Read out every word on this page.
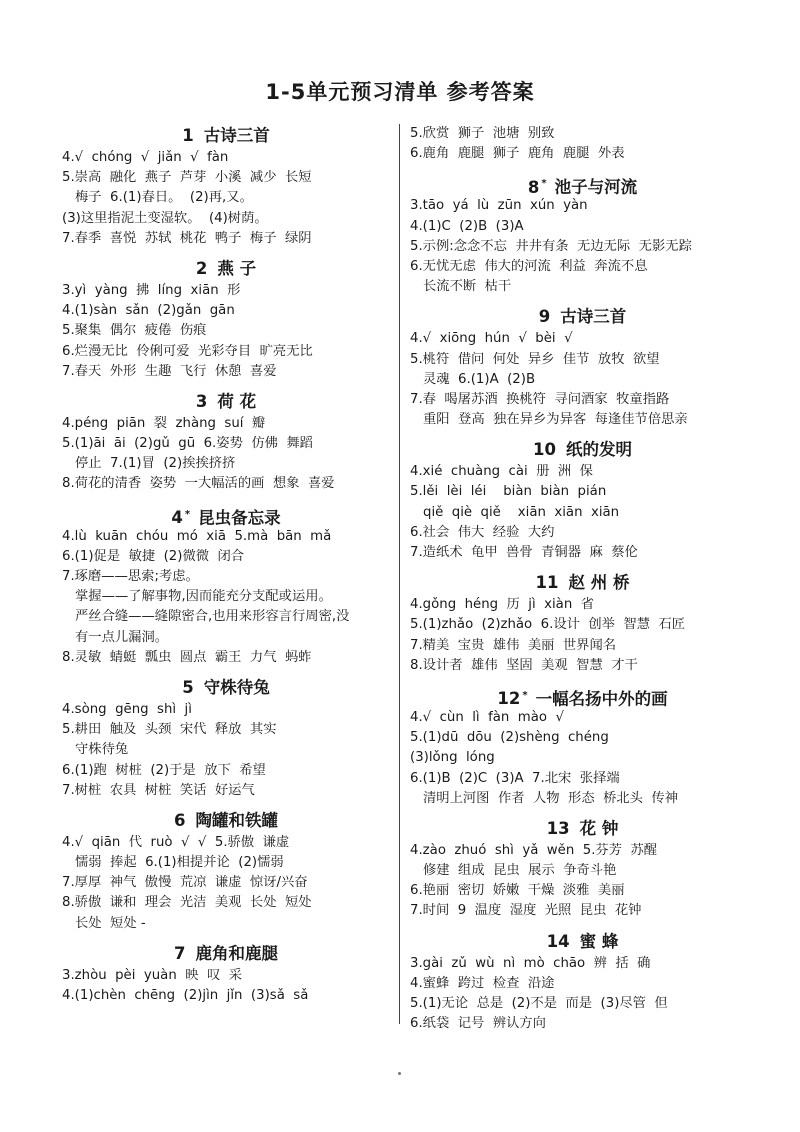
1-5单元预习清单 参考答案
1 古诗三首
4.√  chóng  √  jiǎn  √  fàn
5.崇高  融化  燕子  芦芽  小溪  减少  长短
梅子  6.(1)春日。  (2)再,又。
(3)这里指泥土变湿软。  (4)树荫。
7.春季  喜悦  苏轼  桃花  鸭子  梅子  绿阴
2 燕 子
3.yì  yàng  拂  líng  xiān  形
4.(1)sàn  sǎn  (2)gǎn  gān
5.聚集  偶尔  疲倦  伤痕
6.烂漫无比  伶俐可爱  光彩夺目  旷亮无比
7.春天  外形  生趣  飞行  休憩  喜爱
3 荷 花
4.péng  piān  裂  zhàng  suí  瓣
5.(1)āi  āi  (2)gǔ  gū  6.姿势  仿佛  舞蹈
停止  7.(1)冒  (2)挨挨挤挤
8.荷花的清香  姿势  一大幅活的画  想象  喜爱
4 * 昆虫备忘录
4.lù  kuān  chóu  mó  xiā  5.mà  bān  mǎ
6.(1)促是  敏捷  (2)微微  闭合
7.琢磨——思索;考虑。
掌握——了解事物,因而能充分支配或运用。
严丝合缝——缝隙密合,也用来形容言行周密,没
有一点儿漏洞。
8.灵敏  蜻蜓  瓢虫  圆点  霸王  力气  蚂蚱
5 守株待兔
4.sòng  gēng  shì  jì
5.耕田  触及  头颈  宋代  释放  其实
守株待兔
6.(1)跑  树桩  (2)于是  放下  希望
7.树桩  农具  树桩  笑话  好运气
6 陶罐和铁罐
4.√  qiān  代  ruò  √  √  5.骄傲  谦虚
懦弱  捧起  6.(1)相提并论  (2)懦弱
7.厚厚  神气  傲慢  荒凉  谦虚  惊讶/兴奋
8.骄傲  谦和  理会  光洁  美观  长处  短处
长处  短处 -
7 鹿角和鹿腿
3.zhòu  pèi  yuàn  映  叹  采
4.(1)chèn  chēng  (2)jìn  jǐn  (3)sǎ  sǎ
5.欣赏  狮子  池塘  别致
6.鹿角  鹿腿  狮子  鹿角  鹿腿  外表
8 * 池子与河流
3.tāo  yá  lù  zūn  xún  yàn
4.(1)C  (2)B  (3)A
5.示例:念念不忘  井井有条  无边无际  无影无踪
6.无忧无虑  伟大的河流  利益  奔流不息
长流不断  枯干
9 古诗三首
4.√  xiōng  hún  √  bèi  √
5.桃符  借问  何处  异乡  佳节  放牧  欲望
灵魂  6.(1)A  (2)B
7.春  喝屠苏酒  换桃符  寻问酒家  牧童指路
重阳  登高  独在异乡为异客  每逢佳节倍思亲
10 纸的发明
4.xié  chuàng  cài  册  洲  保
5.lěi  lèi  léi    biàn  biàn  pián
qiě  qiè  qiě    xiān  xiān  xiān
6.社会  伟大  经验  大约
7.造纸术  龟甲  兽骨  青铜器  麻  蔡伦
11 赵 州 桥
4.gǒng  héng  历  jì  xiàn  省
5.(1)zhǎo  (2)zhǎo  6.设计  创举  智慧  石匠
7.精美  宝贵  雄伟  美丽  世界闻名
8.设计者  雄伟  坚固  美观  智慧  才干
12 * 一幅名扬中外的画
4.√  cùn  lì  fàn  mào  √
5.(1)dū  dōu  (2)shèng  chéng
(3)lǒng  lóng
6.(1)B  (2)C  (3)A  7.北宋  张择端
清明上河图  作者  人物  形态  桥北头  传神
13 花 钟
4.zào  zhuó  shì  yǎ  wěn  5.芬芳  苏醒
修建  组成  昆虫  展示  争奇斗艳
6.艳丽  密切  娇嫩  干燥  淡雅  美丽
7.时间  9  温度  湿度  光照  昆虫  花钟
14 蜜 蜂
3.gài  zǔ  wù  nì  mò  chāo  辨  括  确
4.蜜蜂  跨过  检查  沿途
5.(1)无论  总是  (2)不是  而是  (3)尽管  但
6.纸袋  记号  辨认方向
